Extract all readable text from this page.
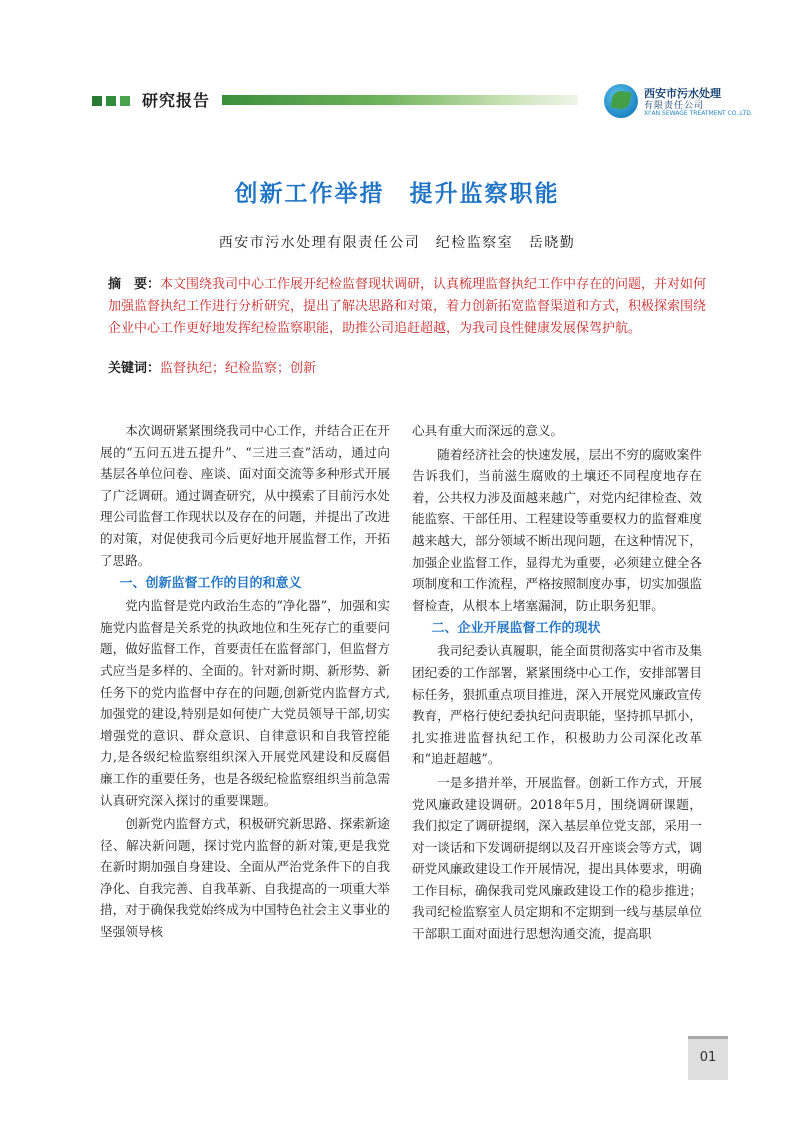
研究报告	西安市污水处理
有限责任公司
XI'AN SEWAGE TREATMENT CO.,LTD.
创新工作举措　提升监察职能
西安市污水处理有限责任公司　纪检监察室　岳晓勤
摘　要：本文围绕我司中心工作展开纪检监督现状调研，认真梳理监督执纪工作中存在的问题，并对如何加强监督执纪工作进行分析研究，提出了解决思路和对策，着力创新拓宽监督渠道和方式，积极探索围绕企业中心工作更好地发挥纪检监察职能，助推公司追赶超越，为我司良性健康发展保驾护航。
关键词：监督执纪；纪检监察；创新

本次调研紧紧围绕我司中心工作，并结合正在开展的“五问五进五提升”、“三进三查”活动，通过向基层各单位问卷、座谈、面对面交流等多种形式开展了广泛调研。通过调查研究，从中摸索了目前污水处理公司监督工作现状以及存在的问题，并提出了改进的对策，对促使我司今后更好地开展监督工作，开拓了思路。

一、创新监督工作的目的和意义

党内监督是党内政治生态的“净化器”，加强和实施党内监督是关系党的执政地位和生死存亡的重要问题，做好监督工作，首要责任在监督部门，但监督方式应当是多样的、全面的。针对新时期、新形势、新任务下的党内监督中存在的问题,创新党内监督方式,加强党的建设,特别是如何使广大党员领导干部,切实增强党的意识、群众意识、自律意识和自我管控能力,是各级纪检监察组织深入开展党风建设和反腐倡廉工作的重要任务，也是各级纪检监察组织当前急需认真研究深入探讨的重要课题。

创新党内监督方式，积极研究新思路、探索新途径、解决新问题，探讨党内监督的新对策,更是我党在新时期加强自身建设、全面从严治党条件下的自我净化、自我完善、自我革新、自我提高的一项重大举措，对于确保我党始终成为中国特色社会主义事业的坚强领导核

心具有重大而深远的意义。

随着经济社会的快速发展，层出不穷的腐败案件告诉我们，当前滋生腐败的土壤还不同程度地存在着，公共权力涉及面越来越广，对党内纪律检查、效能监察、干部任用、工程建设等重要权力的监督难度越来越大，部分领域不断出现问题，在这种情况下，加强企业监督工作，显得尤为重要，必须建立健全各项制度和工作流程，严格按照制度办事，切实加强监督检查，从根本上堵塞漏洞，防止职务犯罪。

二、企业开展监督工作的现状

我司纪委认真履职，能全面贯彻落实中省市及集团纪委的工作部署，紧紧围绕中心工作，安排部署目标任务，狠抓重点项目推进，深入开展党风廉政宣传教育，严格行使纪委执纪问责职能，坚持抓早抓小，扎实推进监督执纪工作，积极助力公司深化改革和“追赶超越”。

一是多措并举，开展监督。创新工作方式，开展党风廉政建设调研。2018年5月，围绕调研课题，我们拟定了调研提纲，深入基层单位党支部，采用一对一谈话和下发调研提纲以及召开座谈会等方式，调研党风廉政建设工作开展情况，提出具体要求，明确工作目标，确保我司党风廉政建设工作的稳步推进；我司纪检监察室人员定期和不定期到一线与基层单位干部职工面对面进行思想沟通交流，提高职

01
